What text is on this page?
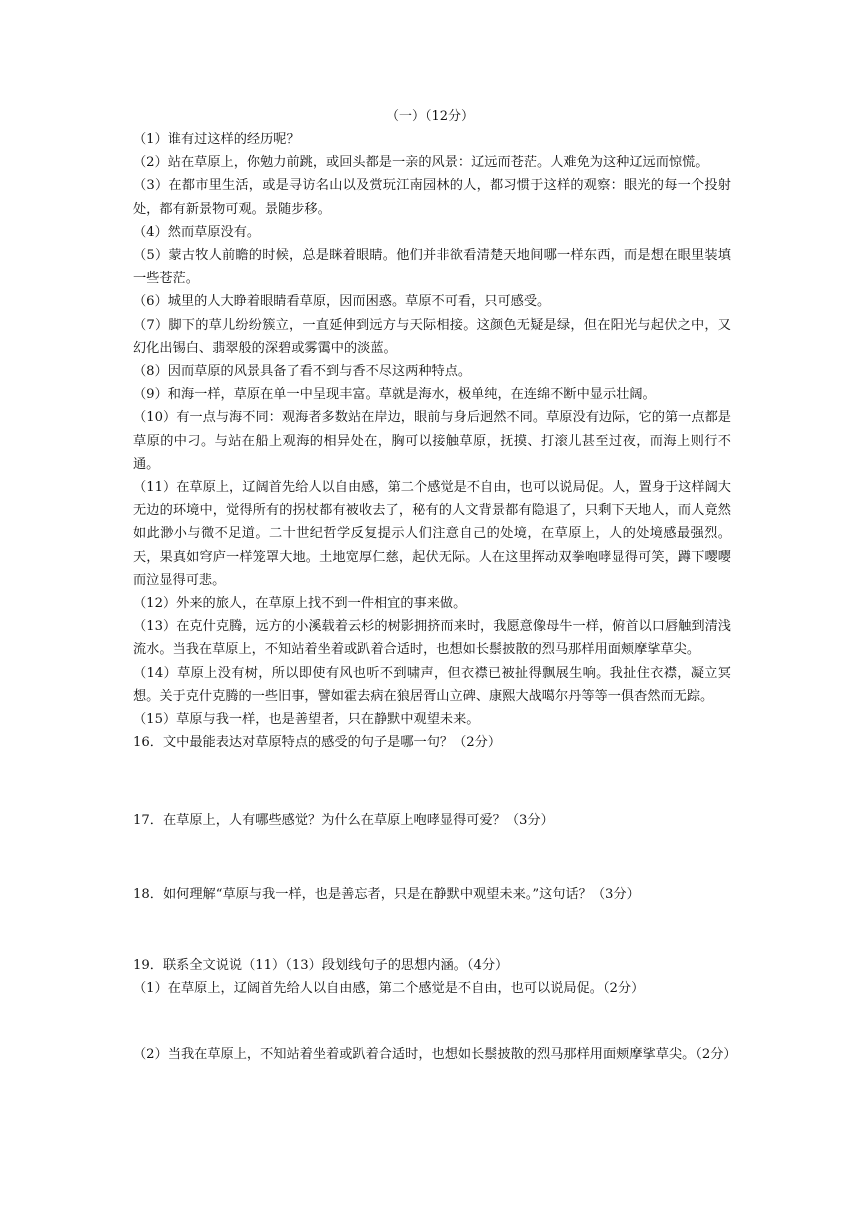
（一）（12分）

（1）谁有过这样的经历呢？

（2）站在草原上，你勉力前跳，或回头都是一亲的风景：辽远而苍茫。人难免为这种辽远而惊慌。

（3）在都市里生活，或是寻访名山以及赏玩江南园林的人，都习惯于这样的观察：眼光的每一个投射处，都有新景物可观。景随步移。

（4）然而草原没有。

（5）蒙古牧人前瞻的时候，总是眯着眼睛。他们并非欲看清楚天地间哪一样东西，而是想在眼里装填一些苍茫。

（6）城里的人大睁着眼睛看草原，因而困惑。草原不可看，只可感受。

（7）脚下的草儿纷纷簇立，一直延伸到远方与天际相接。这颜色无疑是绿，但在阳光与起伏之中，又幻化出锡白、翡翠般的深碧或雾霭中的淡蓝。

（8）因而草原的风景具备了看不到与香不尽这两种特点。

（9）和海一样，草原在单一中呈现丰富。草就是海水，极单纯，在连绵不断中显示壮阔。

（10）有一点与海不同：观海者多数站在岸边，眼前与身后迥然不同。草原没有边际，它的第一点都是草原的中刁。与站在船上观海的相异处在，胸可以接触草原，抚摸、打滚儿甚至过夜，而海上则行不通。

（11）在草原上，辽阔首先给人以自由感，第二个感觉是不自由，也可以说局促。人，置身于这样阔大无边的环境中，觉得所有的拐杖都有被收去了，秘有的人文背景都有隐退了，只剩下天地人，而人竟然如此渺小与微不足道。二十世纪哲学反复提示人们注意自己的处境，在草原上，人的处境感最强烈。天，果真如穹庐一样笼罩大地。土地宽厚仁慈，起伏无际。人在这里挥动双拳咆哮显得可笑，蹲下嘤嘤而泣显得可悲。

（12）外来的旅人，在草原上找不到一件相宜的事来做。

（13）在克什克腾，远方的小溪载着云杉的树影拥挤而来时，我愿意像母牛一样，俯首以口唇触到清浅流水。当我在草原上，不知站着坐着或趴着合适时，也想如长鬃披散的烈马那样用面颊摩挲草尖。

（14）草原上没有树，所以即使有风也听不到啸声，但衣襟已被扯得飘展生响。我扯住衣襟，凝立冥想。关于克什克腾的一些旧事，譬如霍去病在狼居胥山立碑、康熙大战噶尔丹等等一俱杳然而无踪。

（15）草原与我一样，也是善望者，只在静默中观望未来。

16．文中最能表达对草原特点的感受的句子是哪一句？（2分）

17．在草原上，人有哪些感觉？为什么在草原上咆哮显得可爱？（3分）

18．如何理解“草原与我一样，也是善忘者，只是在静默中观望未来。”这句话？（3分）

19．联系全文说说（11）（13）段划线句子的思想内涵。（4分）

（1）在草原上，辽阔首先给人以自由感，第二个感觉是不自由，也可以说局促。（2分）

（2）当我在草原上，不知站着坐着或趴着合适时，也想如长鬃披散的烈马那样用面颊摩挲草尖。（2分）
